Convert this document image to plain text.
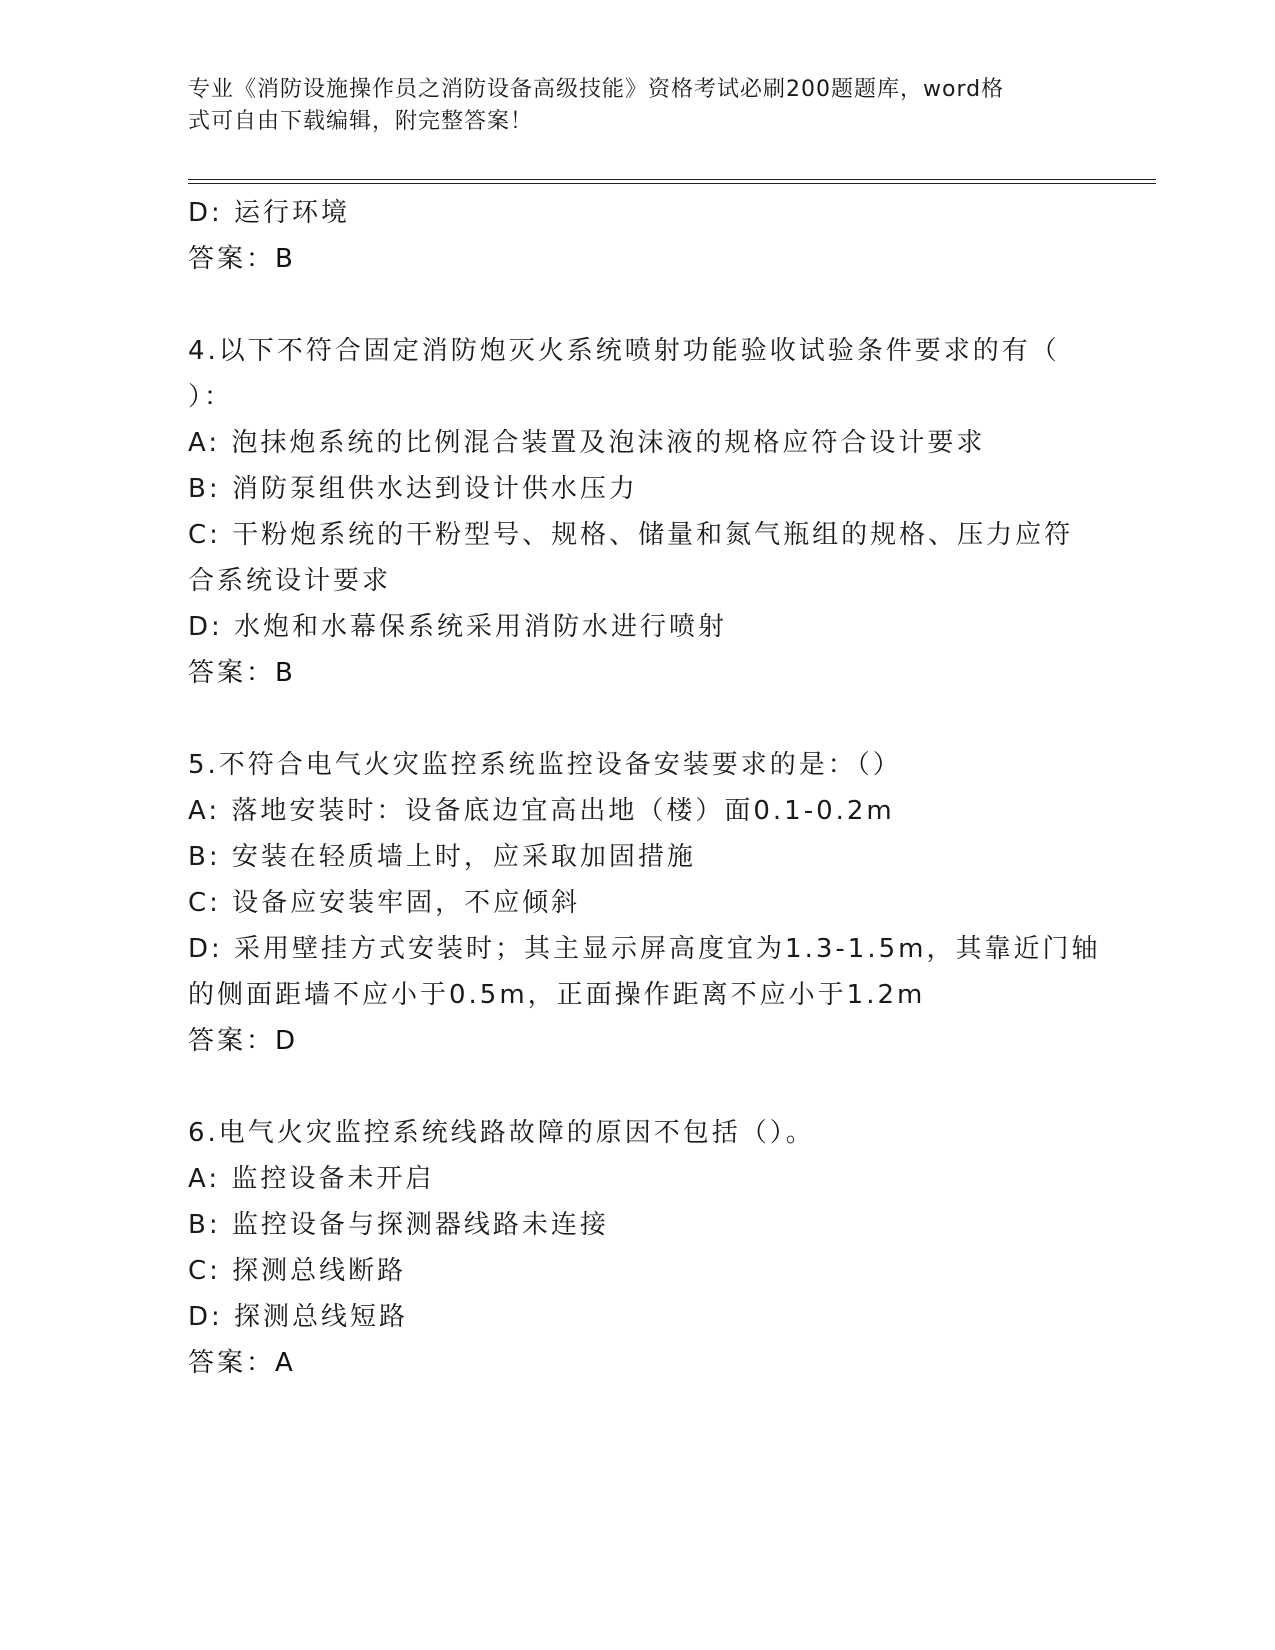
专业《消防设施操作员之消防设备高级技能》资格考试必刷200题题库，word格
式可自由下载编辑，附完整答案！
D: 运行环境
答案：B
4.以下不符合固定消防炮灭火系统喷射功能验收试验条件要求的有（
）：
A: 泡抹炮系统的比例混合装置及泡沫液的规格应符合设计要求
B: 消防泵组供水达到设计供水压力
C: 干粉炮系统的干粉型号、规格、储量和氮气瓶组的规格、压力应符
合系统设计要求
D: 水炮和水幕保系统采用消防水进行喷射
答案：B
5.不符合电气火灾监控系统监控设备安装要求的是：（）
A: 落地安装时：设备底边宜高出地（楼）面0.1-0.2m
B: 安装在轻质墙上时，应采取加固措施
C: 设备应安装牢固，不应倾斜
D: 采用壁挂方式安装时；其主显示屏高度宜为1.3-1.5m，其靠近门轴
的侧面距墙不应小于0.5m，正面操作距离不应小于1.2m
答案：D
6.电气火灾监控系统线路故障的原因不包括（）。
A: 监控设备未开启
B: 监控设备与探测器线路未连接
C: 探测总线断路
D: 探测总线短路
答案：A
